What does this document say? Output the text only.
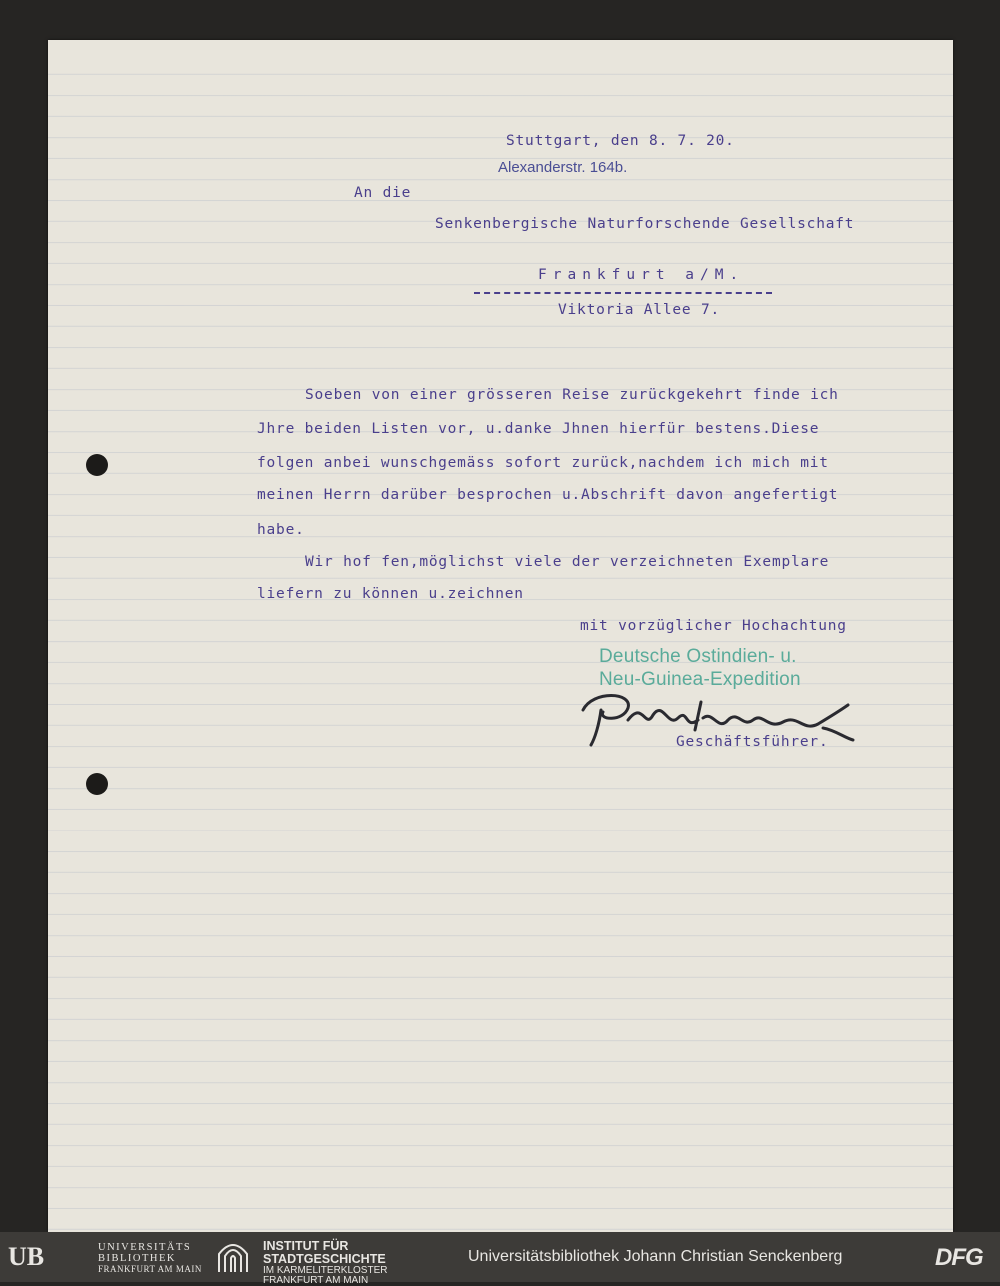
Stuttgart, den 8. 7. 20.
Alexanderstr. 164b.
An die
Senkenbergische Naturforschende Gesellschaft
Frankfurt a/M.
Viktoria Allee 7.
Soeben von einer grösseren Reise zurückgekehrt finde ich
Jhre beiden Listen vor, u.danke Jhnen hierfür bestens.Diese
folgen anbei wunschgemäss sofort zurück,nachdem ich mich mit
meinen Herrn darüber besprochen u.Abschrift davon angefertigt
habe.
Wir hof fen,möglichst viele der verzeichneten Exemplare
liefern zu können u.zeichnen
mit vorzüglicher Hochachtung
Deutsche Ostindien- u.
Neu-Guinea-Expedition
Geschäftsführer.
UB	UNIVERSITÄTS
BIBLIOTHEK
FRANKFURT AM MAIN
INSTITUT FÜR
STADTGESCHICHTE
IM KARMELITERKLOSTER
FRANKFURT AM MAIN
Universitätsbibliothek Johann Christian Senckenberg	DFG
